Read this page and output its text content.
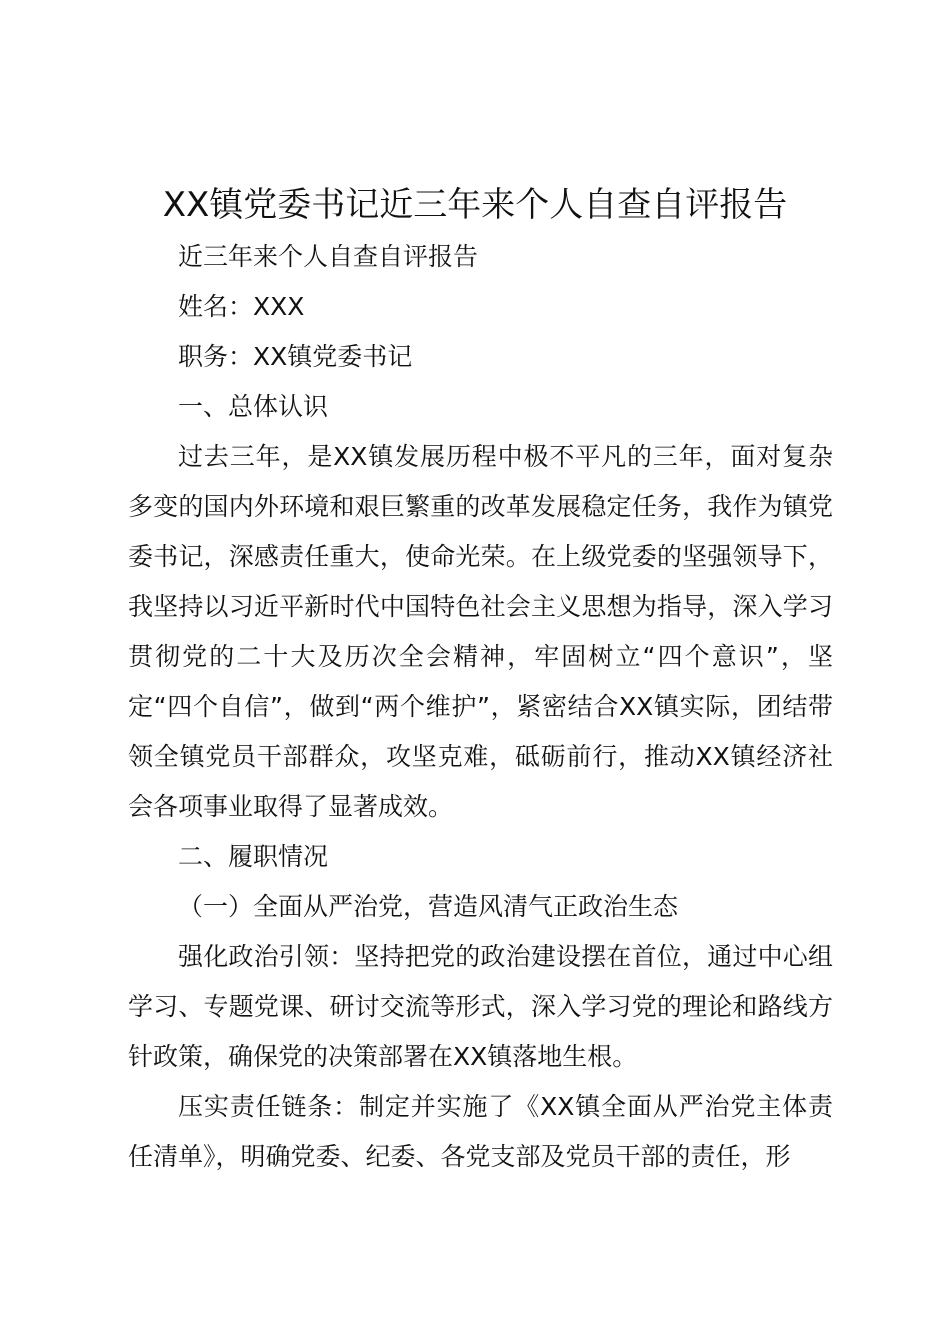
XX镇党委书记近三年来个人自查自评报告

近三年来个人自查自评报告

姓名：XXX

职务：XX镇党委书记

一、总体认识

过去三年，是XX镇发展历程中极不平凡的三年，面对复杂多变的国内外环境和艰巨繁重的改革发展稳定任务，我作为镇党委书记，深感责任重大，使命光荣。在上级党委的坚强领导下，我坚持以习近平新时代中国特色社会主义思想为指导，深入学习贯彻党的二十大及历次全会精神，牢固树立“四个意识”，坚定“四个自信”，做到“两个维护”，紧密结合XX镇实际，团结带领全镇党员干部群众，攻坚克难，砥砺前行，推动XX镇经济社会各项事业取得了显著成效。

二、履职情况

（一）全面从严治党，营造风清气正政治生态

强化政治引领：坚持把党的政治建设摆在首位，通过中心组学习、专题党课、研讨交流等形式，深入学习党的理论和路线方针政策，确保党的决策部署在XX镇落地生根。

压实责任链条：制定并实施了《XX镇全面从严治党主体责任清单》，明确党委、纪委、各党支部及党员干部的责任，形
